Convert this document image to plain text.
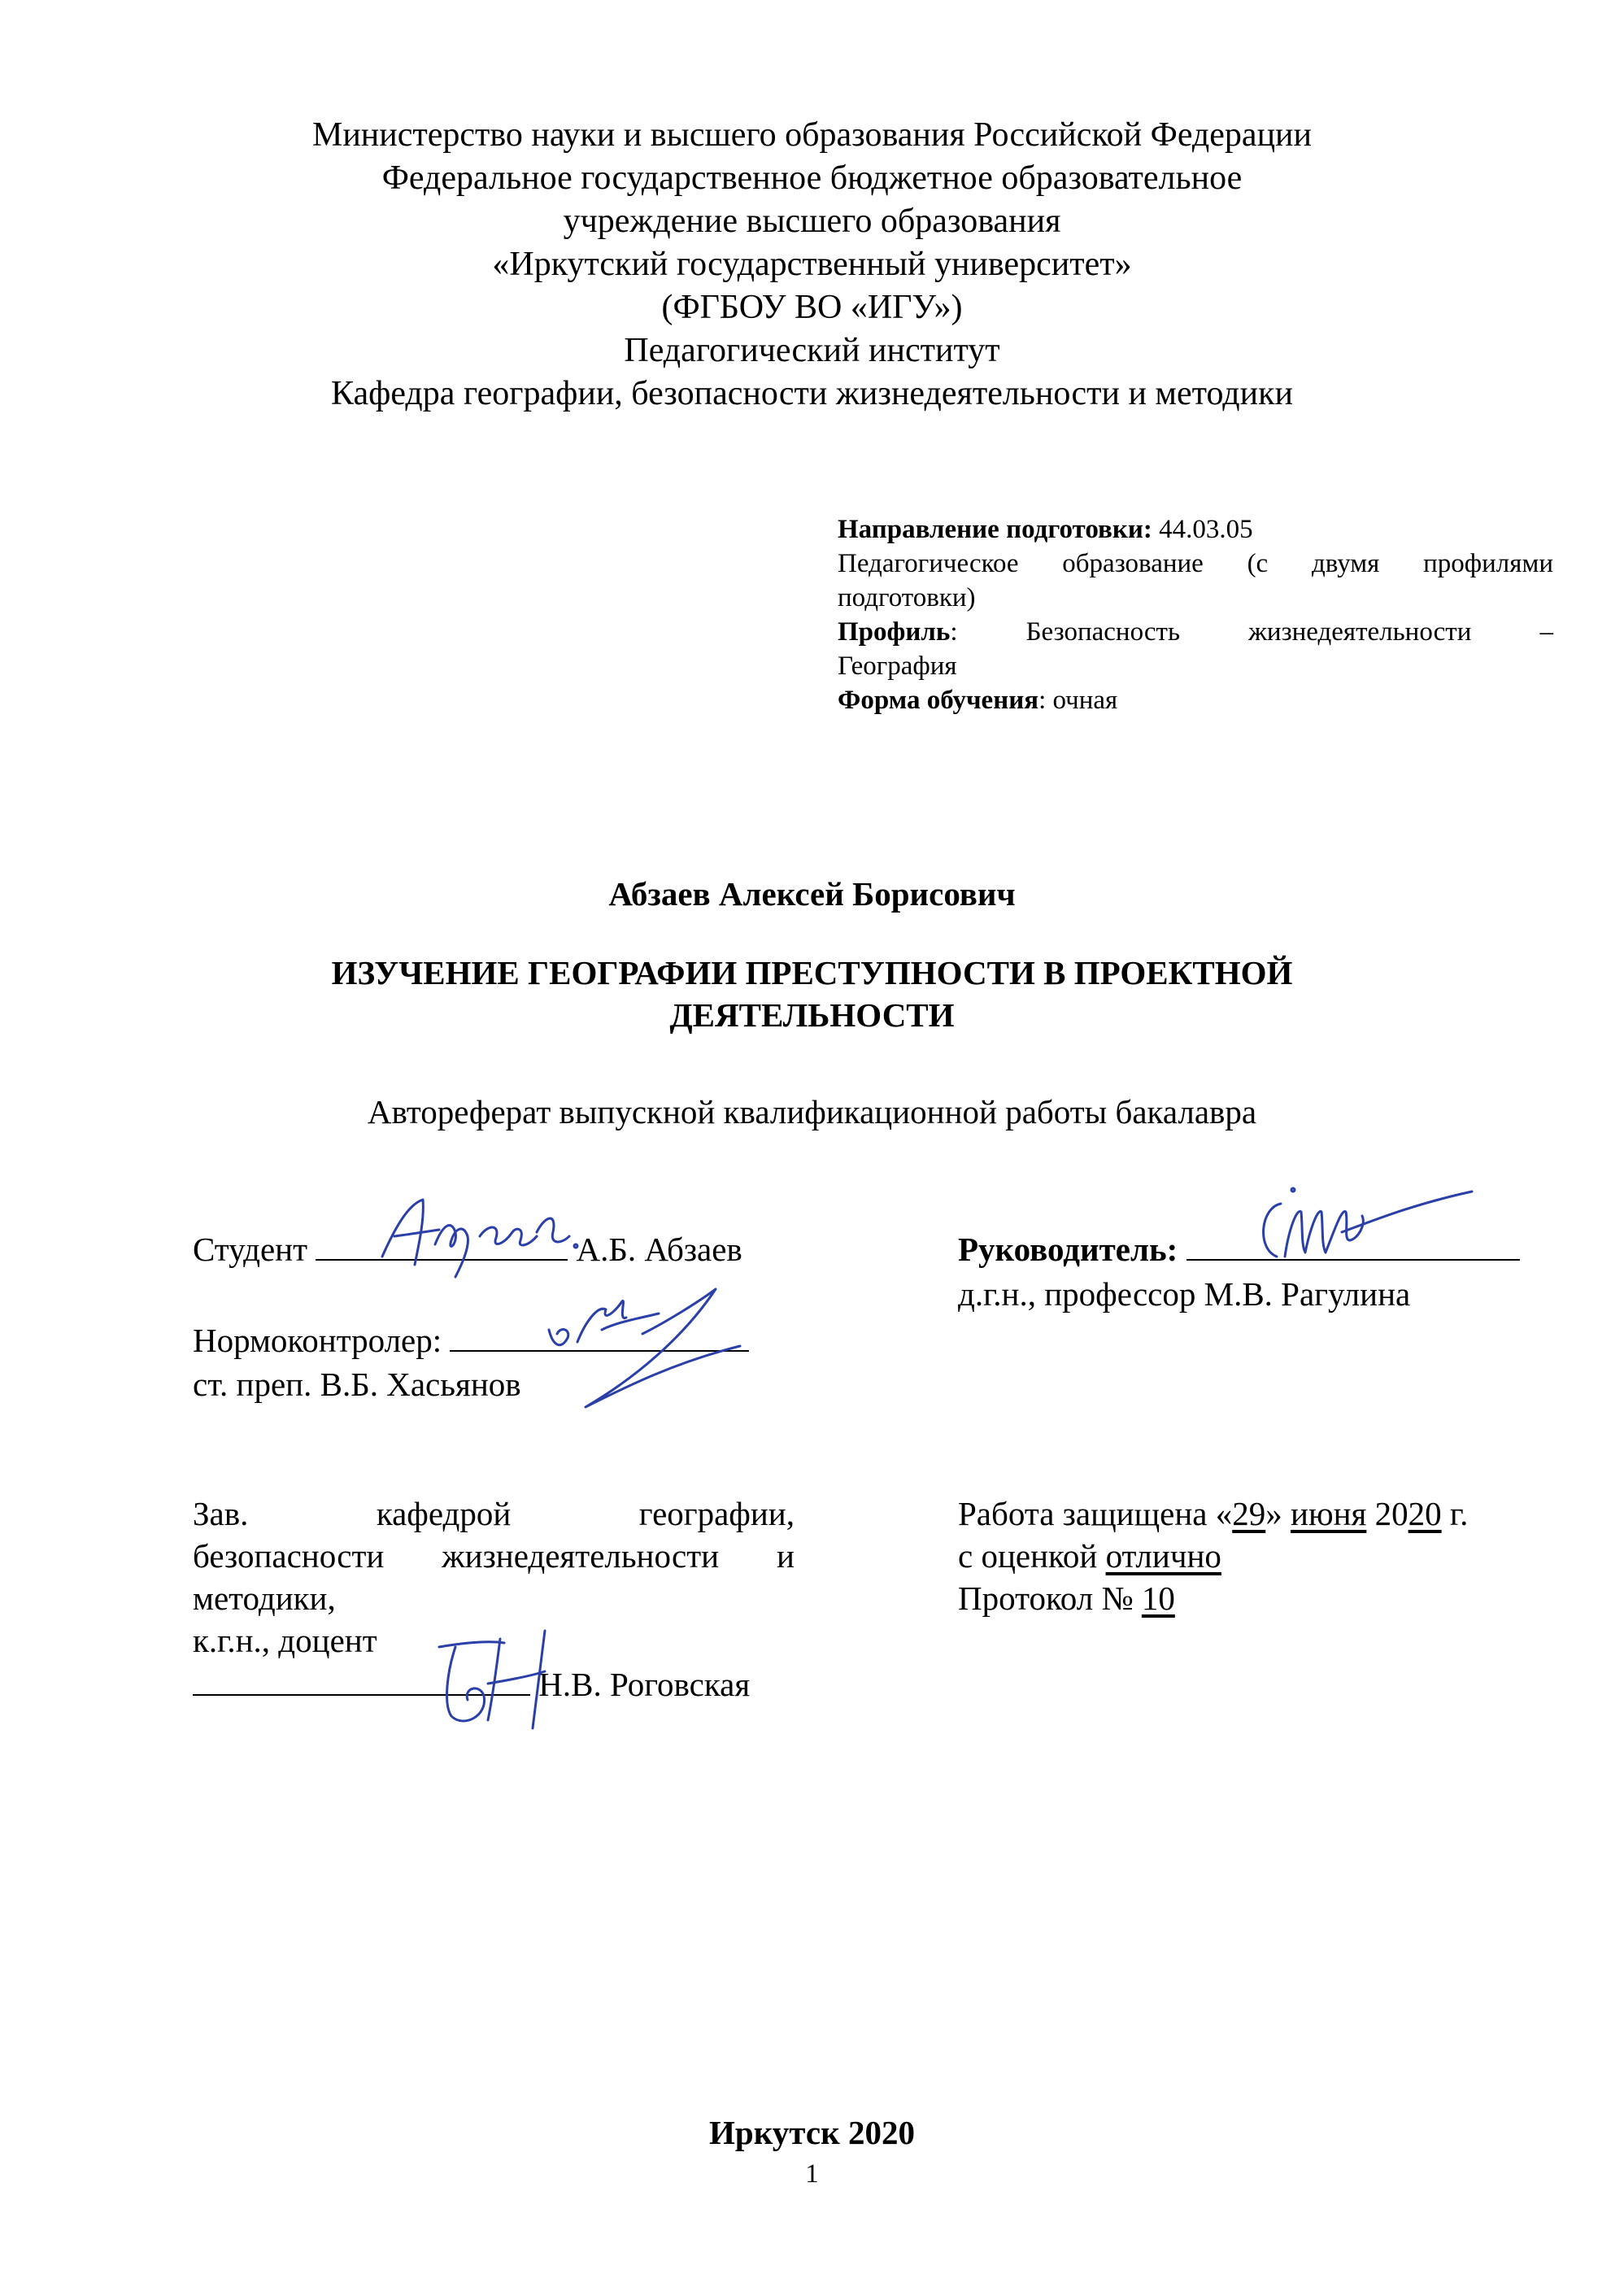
Министерство науки и высшего образования Российской Федерации
Федеральное государственное бюджетное образовательное
учреждение высшего образования
«Иркутский государственный университет»
(ФГБОУ ВО «ИГУ»)
Педагогический институт
Кафедра географии, безопасности жизнедеятельности и методики
Направление подготовки: 44.03.05
Педагогическое образование (с двумя профилями
подготовки)
Профиль: Безопасность жизнедеятельности –
География
Форма обучения: очная
Абзаев Алексей Борисович
ИЗУЧЕНИЕ ГЕОГРАФИИ ПРЕСТУПНОСТИ В ПРОЕКТНОЙ
ДЕЯТЕЛЬНОСТИ
Автореферат выпускной квалификационной работы бакалавра
Студент	А.Б. Абзаев	Руководитель:
д.г.н., профессор М.В. Рагулина
Нормоконтролер:
ст. преп. В.Б. Хасьянов
Зав. кафедрой географии,
безопасности жизнедеятельности и
методики,
к.г.н., доцент
Н.В. Роговская
Работа защищена «29» июня 2020 г.
с оценкой отлично
Протокол № 10
Иркутск 2020
1
